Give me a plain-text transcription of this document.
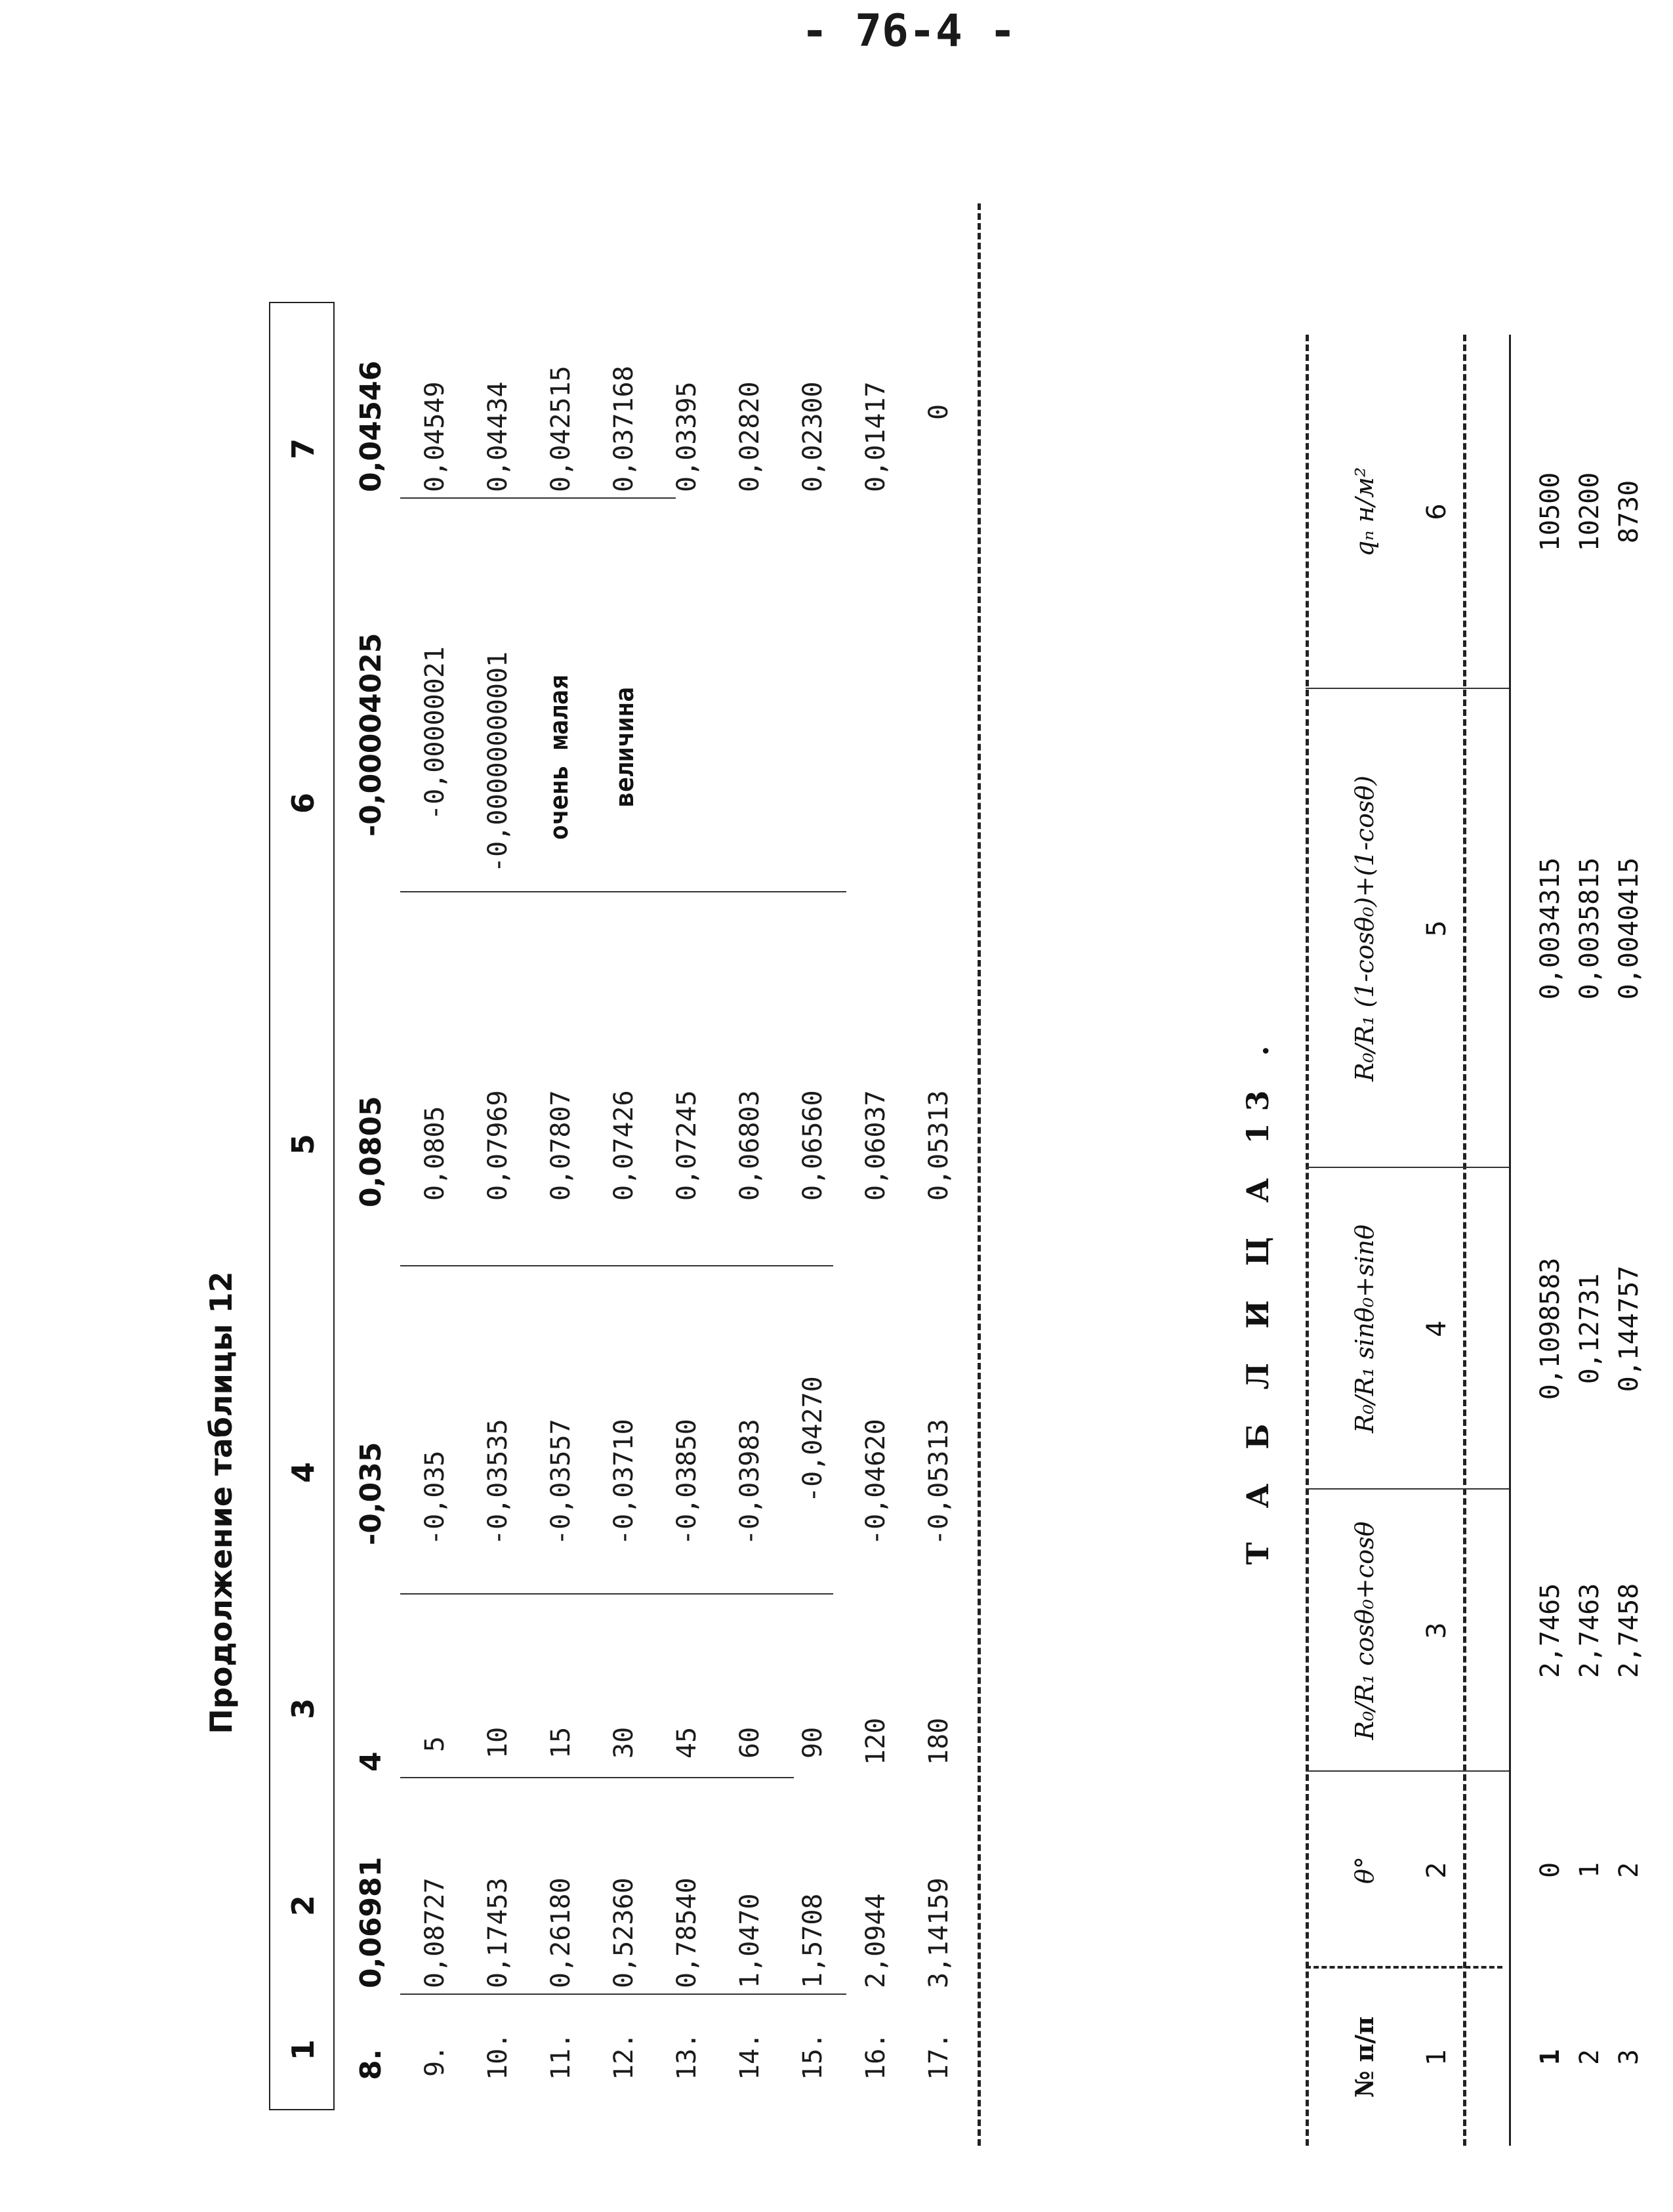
- 76-4 -
Продолжение таблицы 12
1
2
3
4
5
6
7
8.
0,06981
4
-0,035
0,0805
-0,00004025
0,04546
9.
0,08727
5
-0,035
0,0805
-0,00000021
0,04549
10.
0,17453
10
-0,03535
0,07969
-0,00000000001
0,04434
11.
0,26180
15
-0,03557
0,07807
0,042515
12.
0,52360
30
-0,03710
0,07426
0,037168
13.
0,78540
45
-0,03850
0,07245
0,03395
14.
1,0470
60
-0,03983
0,06803
0,02820
15.
1,5708
90
-0,04270
0,06560
0,02300
16.
2,0944
120
-0,04620
0,06037
0,01417
17.
3,14159
180
-0,05313
0,05313
0
очень малая величина
Т А Б Л И Ц А 13 .
№ п/п
θ°
R₀/R₁ cosθ₀+cosθ
R₀/R₁ sinθ₀+sinθ
R₀/R₁ (1-cosθ₀)+(1-cosθ)
qₙ н/м²
1
2
3
4
5
6
1
0
2,7465
0,1098583
0,0034315
10500
2
1
2,7463
0,12731
0,0035815
10200
3
2
2,7458
0,144757
0,0040415
8730
